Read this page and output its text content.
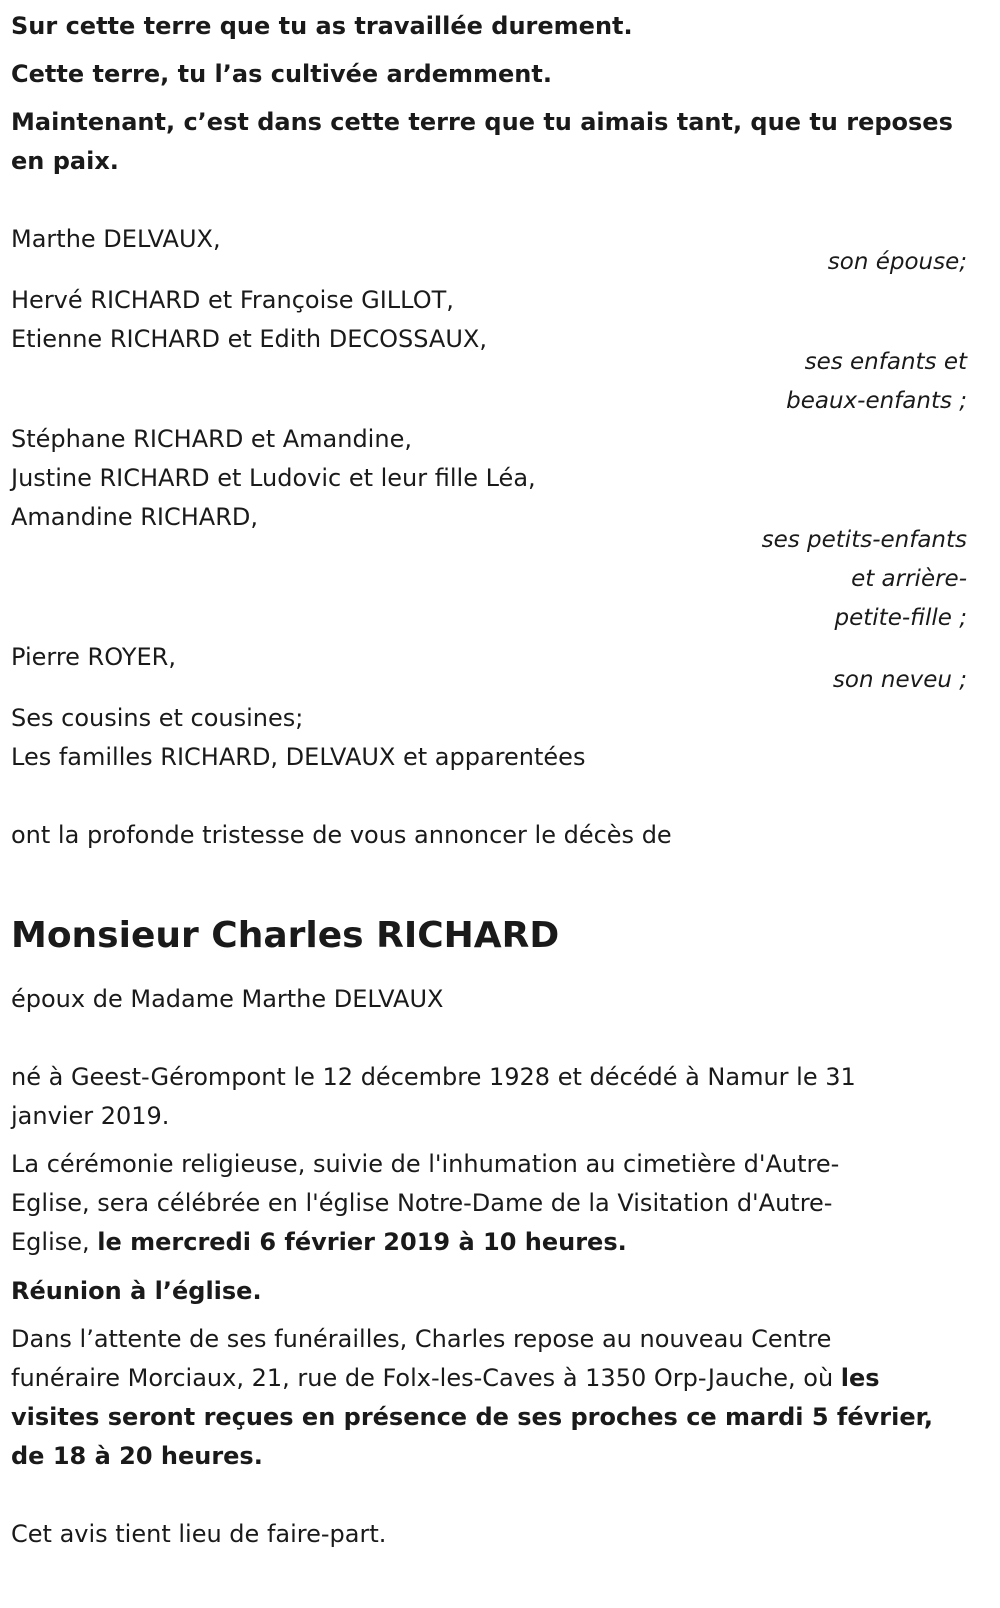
Sur cette terre que tu as travaillée durement.
Cette terre, tu l’as cultivée ardemment.
Maintenant, c’est dans cette terre que tu aimais tant, que tu reposes
en paix.
Marthe DELVAUX,
son épouse;
Hervé RICHARD et Françoise GILLOT,
Etienne RICHARD et Edith DECOSSAUX,
ses enfants et
beaux-enfants ;
Stéphane RICHARD et Amandine,
Justine RICHARD et Ludovic et leur fille Léa,
Amandine RICHARD,
ses petits-enfants
et arrière-
petite-fille ;
Pierre ROYER,
son neveu ;
Ses cousins et cousines;
Les familles RICHARD, DELVAUX et apparentées
ont la profonde tristesse de vous annoncer le décès de
Monsieur Charles RICHARD
époux de Madame Marthe DELVAUX
né à Geest-Gérompont le 12 décembre 1928 et décédé à Namur le 31
janvier 2019.
La cérémonie religieuse, suivie de l'inhumation au cimetière d'Autre-
Eglise, sera célébrée en l'église Notre-Dame de la Visitation d'Autre-
Eglise, le mercredi 6 février 2019 à 10 heures.
Réunion à l’église.
Dans l’attente de ses funérailles, Charles repose au nouveau Centre
funéraire Morciaux, 21, rue de Folx-les-Caves à 1350 Orp-Jauche, où les
visites seront reçues en présence de ses proches ce mardi 5 février,
de 18 à 20 heures.
Cet avis tient lieu de faire-part.
